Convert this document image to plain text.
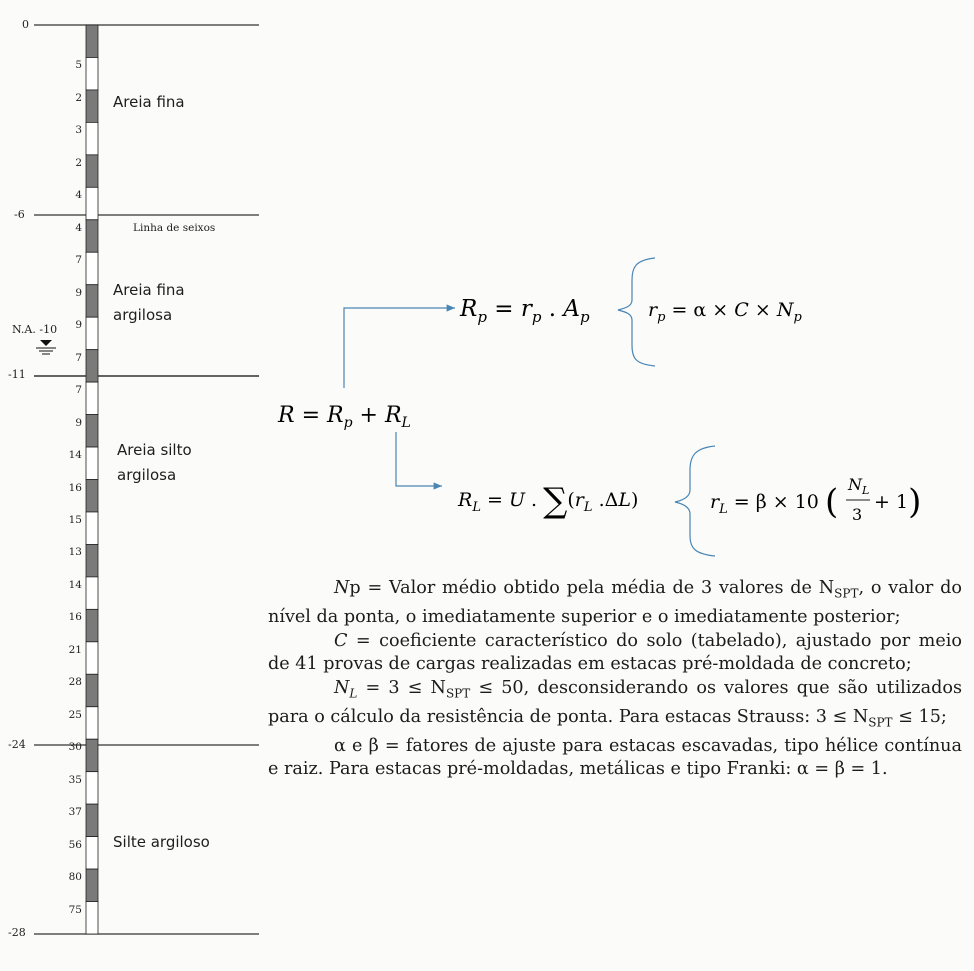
0
-6
-11
-24
-28
N.A. -10
5
2
3
2
4
4
7
9
9
7
7
9
14
16
15
13
14
16
21
28
25
30
35
37
56
80
75
Areia fina
Linha de seixos
Areia fina
argilosa
Areia silto
argilosa
Silte argiloso
$R = R_p + R_L$
$R_p = r_p$ . $A_p$	$r_p = \alpha \times C \times N_p$
$R_L = U$ . $\sum(r_L$ .ΔL)	$r_L = \beta \times 10$ ( $N_L$
3
+ 1)

Np = Valor médio obtido pela média de 3 valores de $N_{SPT}$, o valor do nível da ponta, o imediatamente superior e o imediatamente posterior;

C = coeficiente característico do solo (tabelado), ajustado por meio de 41 provas de cargas realizadas em estacas pré-moldada de concreto;

$N_L = 3 \le N_{SPT} \le 50$, desconsiderando os valores que são utilizados para o cálculo da resistência de ponta. Para estacas Strauss: $3 \le N_{SPT} \le 15$;

α e β = fatores de ajuste para estacas escavadas, tipo hélice contínua e raiz. Para estacas pré-moldadas, metálicas e tipo Franki: α = β = 1.
